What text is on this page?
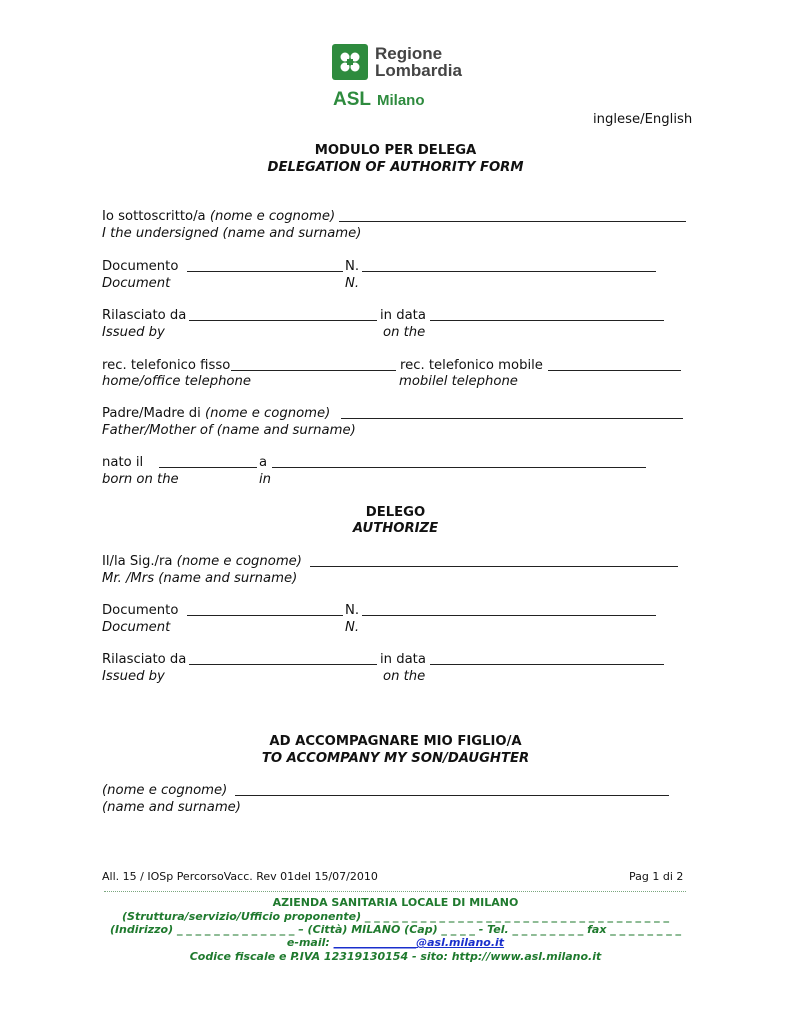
Regione
Lombardia
ASL Milano
inglese/English
MODULO PER DELEGA
DELEGATION OF AUTHORITY FORM
Io sottoscritto/a (nome e cognome)
I the undersigned (name and surname)
Documento	N.
Document	N.
Rilasciato da	in data
Issued by	on the
rec. telefonico fisso	rec. telefonico mobile
home/office telephone	mobilel telephone
Padre/Madre di (nome e cognome)
Father/Mother of (name and surname)
nato il	a
born on the	in
DELEGO
AUTHORIZE
Il/la Sig./ra (nome e cognome)
Mr. /Mrs (name and surname)
Documento	N.
Document	N.
Rilasciato da	in data
Issued by	on the
AD ACCOMPAGNARE MIO FIGLIO/A
TO ACCOMPANY MY SON/DAUGHTER
(nome e cognome)
(name and surname)
All. 15 / IOSp PercorsoVacc. Rev 01del 15/07/2010	Pag 1 di 2
AZIENDA SANITARIA LOCALE DI MILANO
(Struttura/servizio/Ufficio proponente) _ _ _ _ _ _ _ _ _ _ _ _ _ _ _ _ _ _ _ _ _ _ _ _ _ _ _ _ _ _ _ _ _
(Indirizzo) _ _ _ _ _ _ _ _ _ _ _ _ _ – (Città) MILANO (Cap) _ _ _ _ - Tel. _ _ _ _ _ _ _ _ fax _ _ _ _ _ _ _ _
e-mail: _______________@asl.milano.it
Codice fiscale e P.IVA 12319130154 - sito: http://www.asl.milano.it
